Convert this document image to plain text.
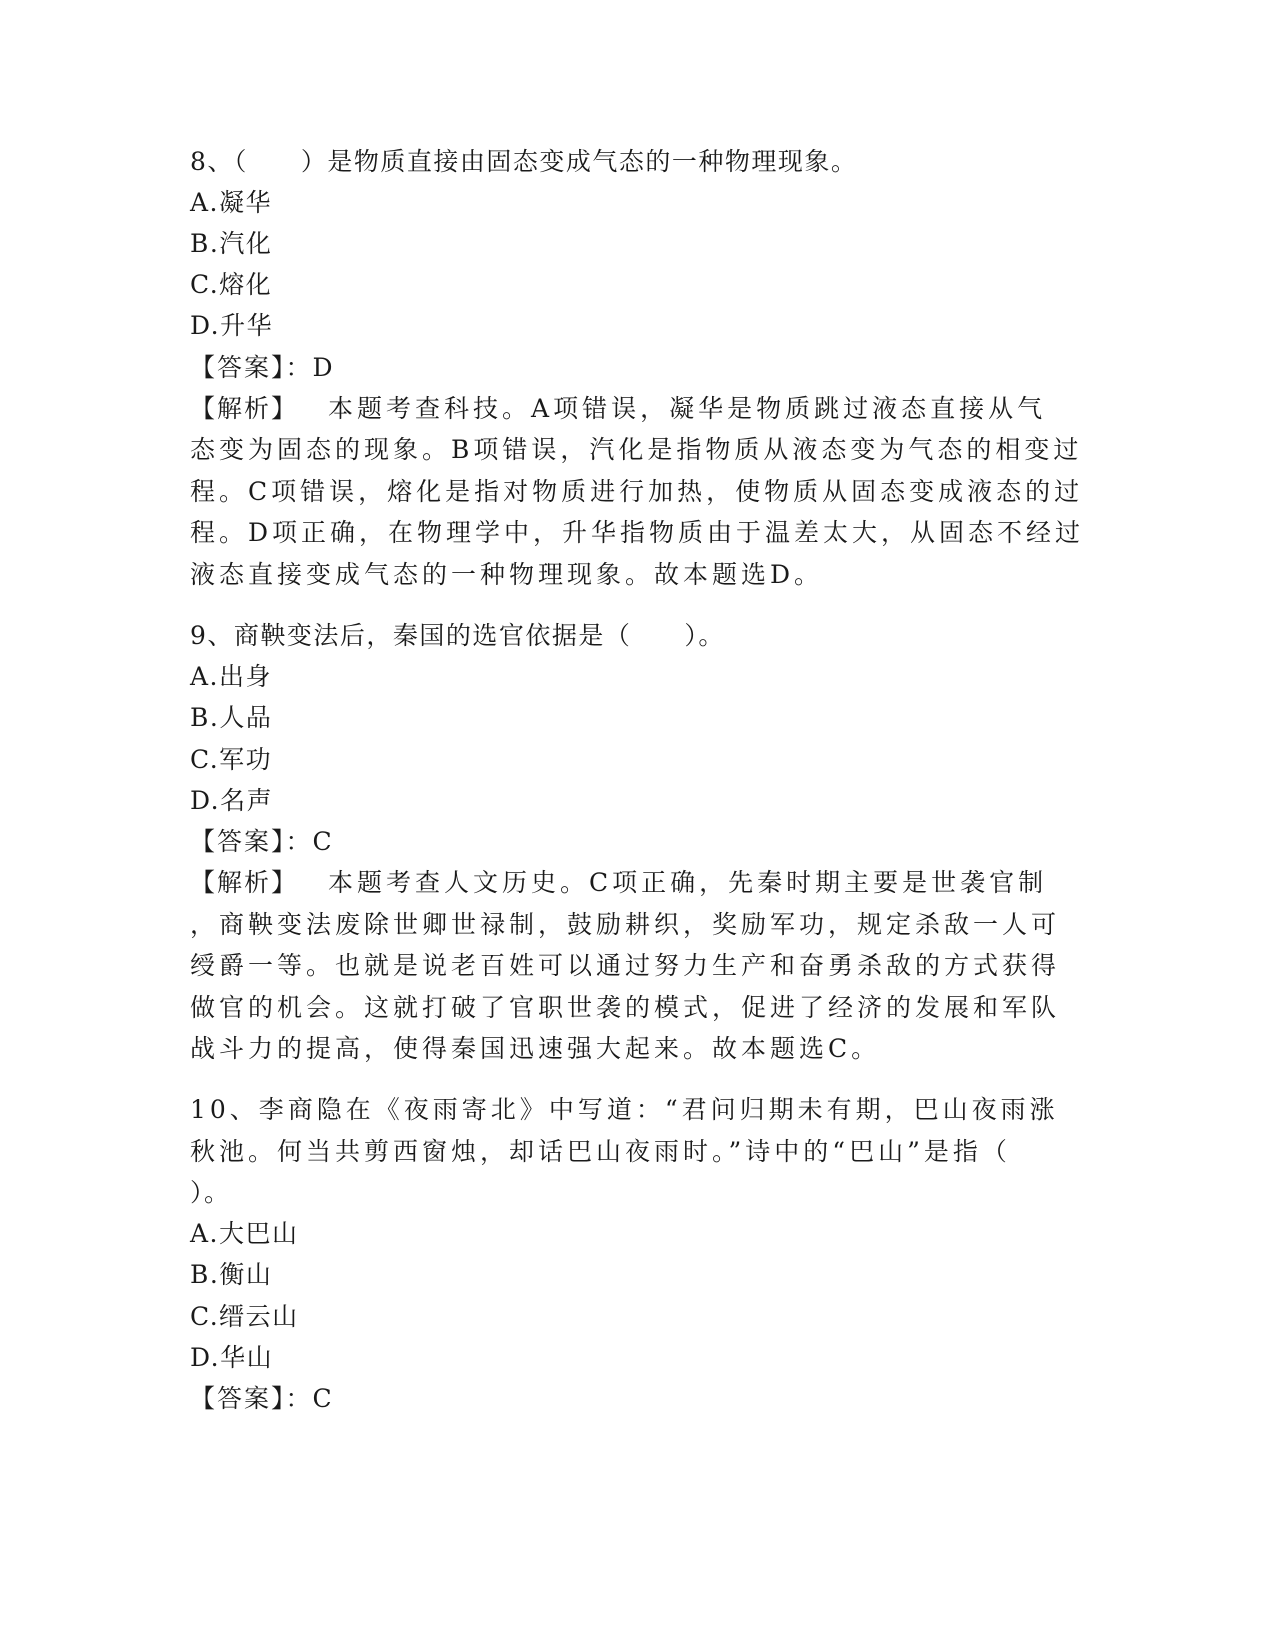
8、（　　）是物质直接由固态变成气态的一种物理现象。
A.凝华
B.汽化
C.熔化
D.升华
【答案】：D
【解析】 本题考查科技。A项错误，凝华是物质跳过液态直接从气
态变为固态的现象。B项错误，汽化是指物质从液态变为气态的相变过
程。C项错误，熔化是指对物质进行加热，使物质从固态变成液态的过
程。D项正确，在物理学中，升华指物质由于温差太大，从固态不经过
液态直接变成气态的一种物理现象。故本题选D。
9、商鞅变法后，秦国的选官依据是（　　）。
A.出身
B.人品
C.军功
D.名声
【答案】：C
【解析】 本题考查人文历史。C项正确，先秦时期主要是世袭官制
，商鞅变法废除世卿世禄制，鼓励耕织，奖励军功，规定杀敌一人可
绶爵一等。也就是说老百姓可以通过努力生产和奋勇杀敌的方式获得
做官的机会。这就打破了官职世袭的模式，促进了经济的发展和军队
战斗力的提高，使得秦国迅速强大起来。故本题选C。
10、李商隐在《夜雨寄北》中写道：“君问归期未有期，巴山夜雨涨
秋池。何当共剪西窗烛，却话巴山夜雨时。”诗中的“巴山”是指（
）。
A.大巴山
B.衡山
C.缙云山
D.华山
【答案】：C
